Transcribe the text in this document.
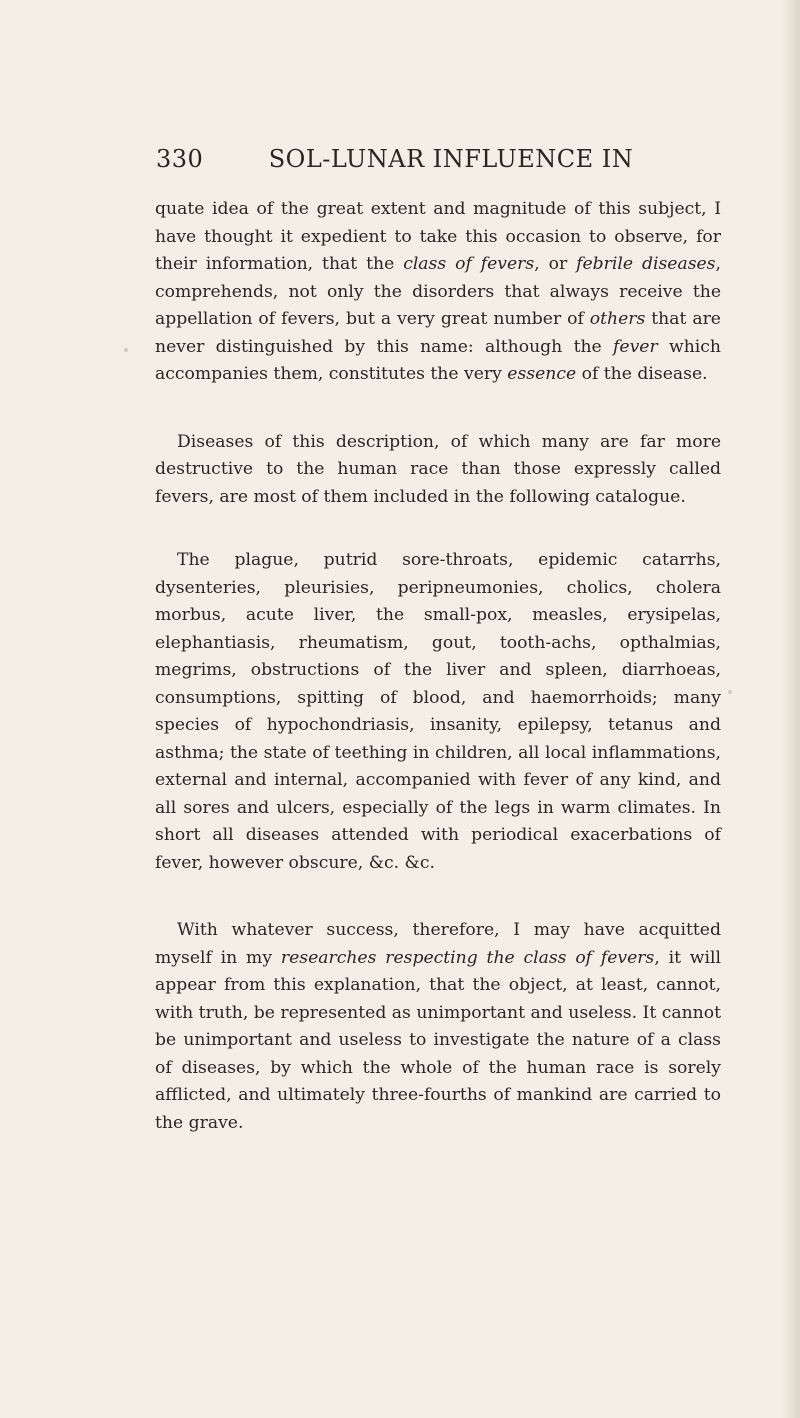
330	SOL-LUNAR INFLUENCE IN

quate idea of the great extent and magnitude of this subject, I have thought it expedient to take this occasion to observe, for their information, that the class of fevers, or febrile diseases, comprehends, not only the disorders that always receive the appellation of fevers, but a very great number of others that are never distinguished by this name: although the fever which accompanies them, constitutes the very essence of the disease.

Diseases of this description, of which many are far more destructive to the human race than those expressly called fevers, are most of them included in the following catalogue.

The plague, putrid sore-throats, epidemic catarrhs, dysenteries, pleurisies, peripneumonies, cholics, cholera morbus, acute liver, the small-pox, measles, erysipelas, elephantiasis, rheumatism, gout, tooth-achs, opthalmias, megrims, obstructions of the liver and spleen, diarrhoeas, consumptions, spitting of blood, and haemorrhoids; many species of hypochondriasis, insanity, epilepsy, tetanus and asthma; the state of teething in children, all local inflammations, external and internal, accompanied with fever of any kind, and all sores and ulcers, especially of the legs in warm climates. In short all diseases attended with periodical exacerbations of fever, however obscure, &c. &c.

With whatever success, therefore, I may have acquitted myself in my researches respecting the class of fevers, it will appear from this explanation, that the object, at least, cannot, with truth, be represented as unimportant and useless. It cannot be unimportant and useless to investigate the nature of a class of diseases, by which the whole of the human race is sorely afflicted, and ultimately three-fourths of mankind are carried to the grave.
